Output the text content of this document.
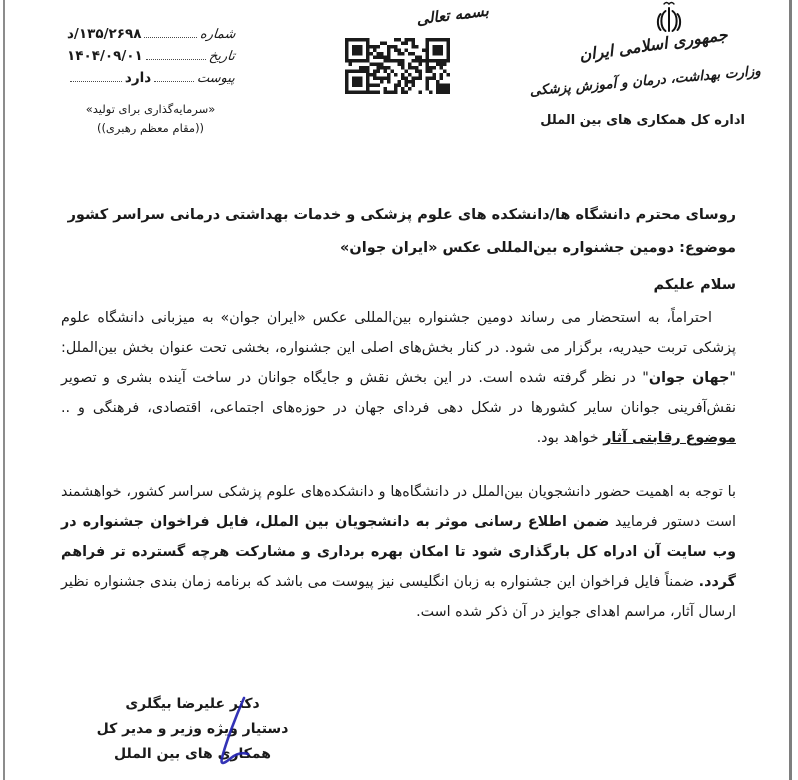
شماره
۱۳۵/۲۶۹۸/د
تاریخ
۱۴۰۴/۰۹/۰۱
پیوست
دارد
«سرمایه‌گذاری برای تولید»
((مقام معظم رهبری))
بسمه تعالی
جمهوری اسلامی ایران
وزارت بهداشت، درمان و آموزش پزشکی
اداره کل همکاری های بین الملل
روسای محترم دانشگاه ها/دانشکده های علوم پزشکی و خدمات بهداشتی درمانی سراسر کشور
موضوع: دومین جشنواره بین‌المللی عکس «ایران جوان»
سلام علیکم
احتراماً، به استحضار می رساند دومین جشنواره بین‌المللی عکس «ایران جوان» به میزبانی دانشگاه علوم پزشکی تربت حیدریه، برگزار می شود. در کنار بخش‌های اصلی این جشنواره، بخشی تحت عنوان بخش بین‌الملل: "جهان جوان" در نظر گرفته شده است. در این بخش نقش و جایگاه جوانان در ساخت آینده بشری و تصویر نقش‌آفرینی جوانان سایر کشورها در شکل دهی فردای جهان در حوزه‌های اجتماعی، اقتصادی، فرهنگی و .. موضوع رقابتی آثار خواهد بود.
با توجه به اهمیت حضور دانشجویان بین‌الملل در دانشگاه‌ها و دانشکده‌های علوم پزشکی سراسر کشور، خواهشمند است دستور فرمایید ضمن اطلاع رسانی موثر به دانشجویان بین الملل، فایل فراخوان جشنواره در وب سایت آن ادراه کل بارگذاری شود تا امکان بهره برداری و مشارکت هرچه گسترده تر فراهم گردد. ضمناً فایل فراخوان این جشنواره به زبان انگلیسی نیز پیوست می باشد که برنامه زمان بندی جشنواره نظیر ارسال آثار، مراسم اهدای جوایز در آن ذکر شده است.
دکتر علیرضا بیگلری
دستیار ویژه وزیر و مدیر کل
همکاری های بین الملل
